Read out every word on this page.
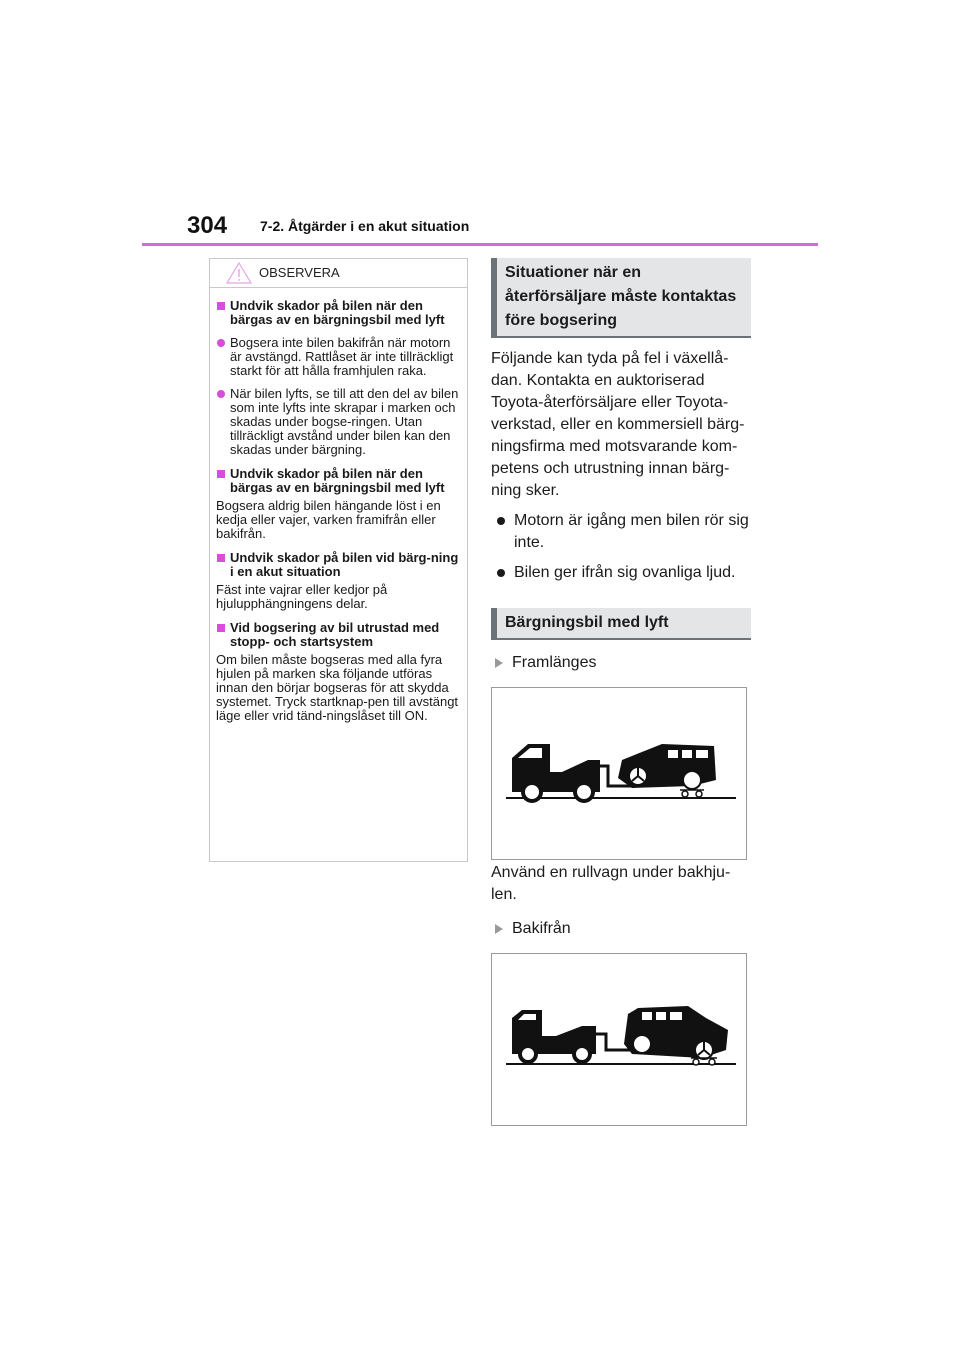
304 7-2. Åtgärder i en akut situation
OBSERVERA
Undvik skador på bilen när den bärgas av en bärgningsbil med lyft
Bogsera inte bilen bakifrån när motorn är avstängd. Rattlåset är inte tillräckligt starkt för att hålla framhjulen raka.
När bilen lyfts, se till att den del av bilen som inte lyfts inte skrapar i marken och skadas under bogse-ringen. Utan tillräckligt avstånd under bilen kan den skadas under bärgning.
Undvik skador på bilen när den bärgas av en bärgningsbil med lyft
Bogsera aldrig bilen hängande löst i en kedja eller vajer, varken framifrån eller bakifrån.
Undvik skador på bilen vid bärg-ning i en akut situation
Fäst inte vajrar eller kedjor på hjulupphängningens delar.
Vid bogsering av bil utrustad med stopp- och startsystem
Om bilen måste bogseras med alla fyra hjulen på marken ska följande utföras innan den börjar bogseras för att skydda systemet. Tryck startknap-pen till avstängt läge eller vrid tänd-ningslåset till ON.
Situationer när en återförsäljare måste kontaktas före bogsering
Följande kan tyda på fel i växellå-dan. Kontakta en auktoriserad Toyota-återförsäljare eller Toyota-verkstad, eller en kommersiell bärg-ningsfirma med motsvarande kom-petens och utrustning innan bärg-ning sker.
Motorn är igång men bilen rör sig inte.
Bilen ger ifrån sig ovanliga ljud.
Bärgningsbil med lyft
Framlänges
Använd en rullvagn under bakhju-len.
Bakifrån
